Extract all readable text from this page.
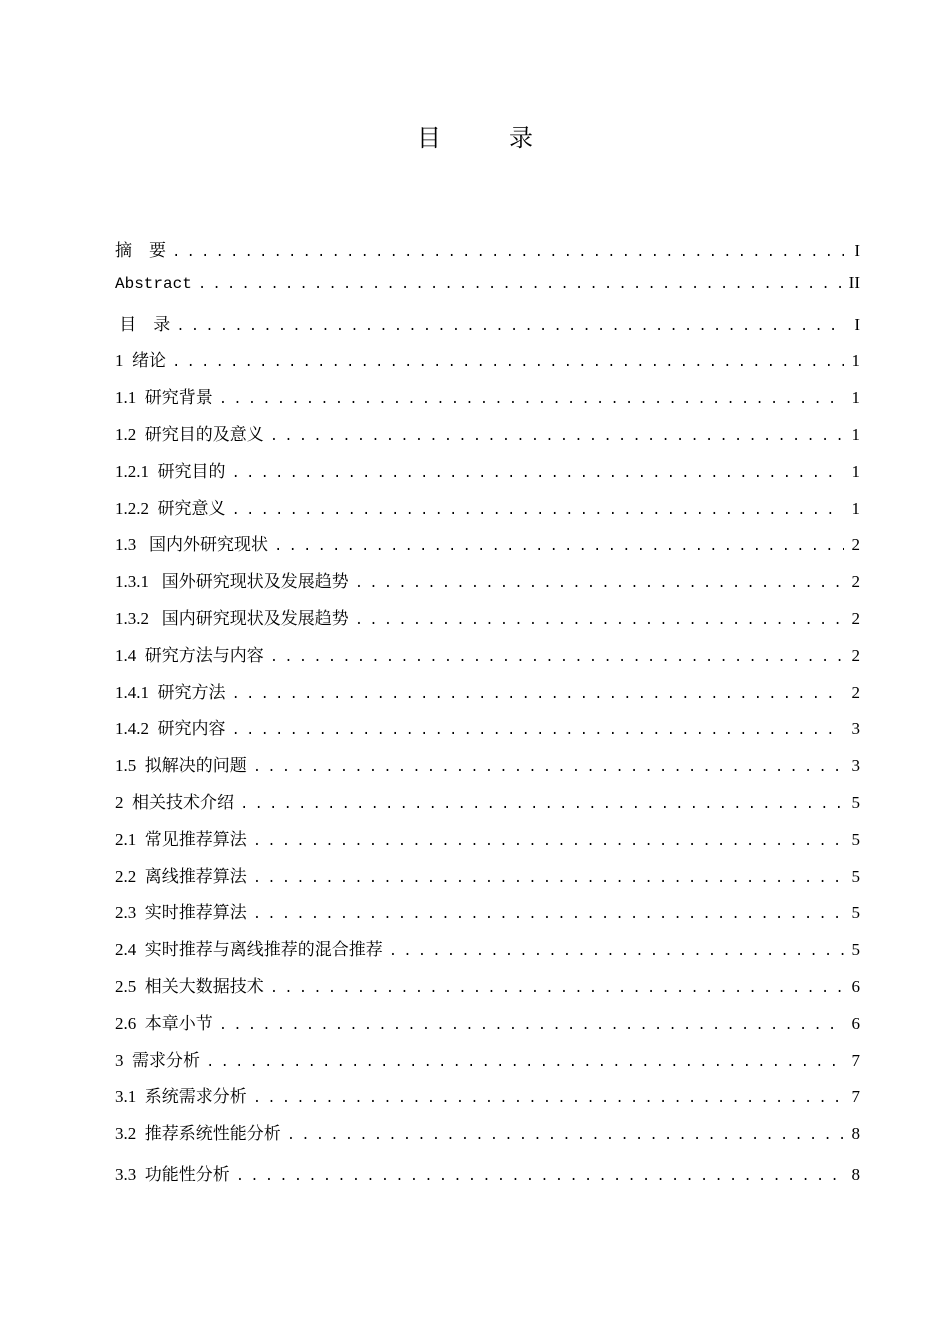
目　录
摘　要 . . .	I
Abstract . . .	II
目　录 . . .	I
1  绪论 . . .	1
1.1  研究背景 . . .	1
1.2  研究目的及意义 . . .	1
1.2.1  研究目的 . . .	1
1.2.2  研究意义 . . .	1
1.3   国内外研究现状 . . .	2
1.3.1   国外研究现状及发展趋势 . . .	2
1.3.2   国内研究现状及发展趋势 . . .	2
1.4  研究方法与内容 . . .	2
1.4.1  研究方法 . . .	2
1.4.2  研究内容 . . .	3
1.5  拟解决的问题 . . .	3
2  相关技术介绍 . . .	5
2.1  常见推荐算法 . . .	5
2.2  离线推荐算法 . . .	5
2.3  实时推荐算法 . . .	5
2.4  实时推荐与离线推荐的混合推荐 . . .	5
2.5  相关大数据技术 . . .	6
2.6  本章小节 . . .	6
3  需求分析 . . .	7
3.1  系统需求分析 . . .	7
3.2  推荐系统性能分析 . . .	8
3.3  功能性分析 . . .	8
